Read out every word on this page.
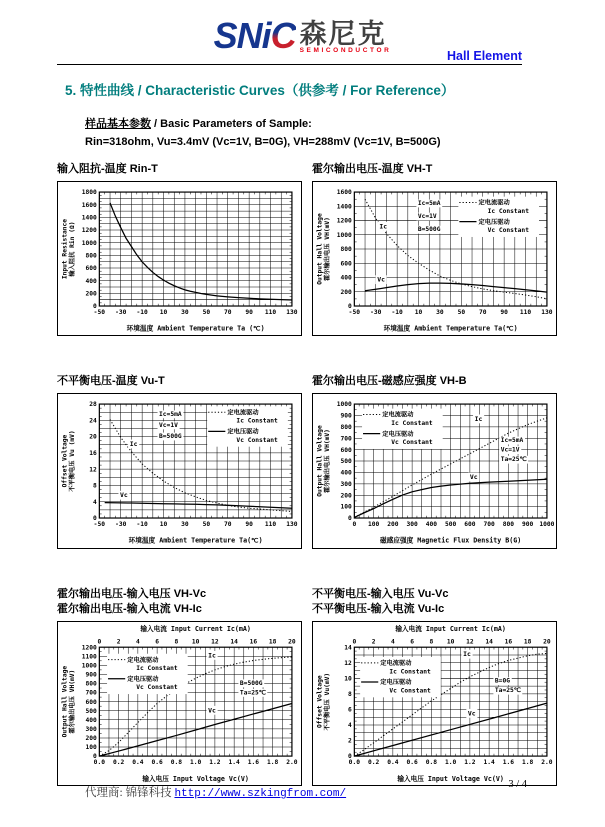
SNiC 森尼克
SEMICONDUCTOR	Hall Element
5. 特性曲线 / Characteristic Curves（供参考 / For Reference）

样品基本参数 / Basic Parameters of Sample:

Rin=318ohm, Vu=3.4mV (Vc=1V, B=0G), VH=288mV (Vc=1V, B=500G)

输入阻抗-温度 Rin-T
-50 -30 -10 10 30 50 70 90 110 130
0
200
400
600
800
1000
1200
1400
1600
1800
环境温度 Ambient Temperature Ta (℃)
Input Resistance输入阻抗 Rin (Ω)
霍尔输出电压-温度 VH-T
-50 -30 -10 10 30 50 70 90 110 130
0
200
400
600
800
1000
1200
1400
1600
环境温度 Ambient Temperature Ta(℃)
Output Hall Voltage霍尔输出电压 VH(mV)
Ic=5mA
Vc=1V
B=500G
定电流驱动
Ic Constant
定电压驱动
Vc Constant
Ic
Vc
不平衡电压-温度 Vu-T
-50 -30 -10 10 30 50 70 90 110 130
0
4
8
12
16
20
24
28
环境温度 Ambient Temperature Ta(℃)
Offset Voltage不平衡电压 Vu (mV)
Ic=5mA
Vc=1V
B=500G
定电流驱动
Ic Constant
定电压驱动
Vc Constant
Ic
Vc
霍尔输出电压-磁感应强度 VH-B
0 100 200 300 400 500 600 700 800 900 1000
0
100
200
300
400
500
600
700
800
900
1000
磁感应强度 Magnetic Flux Density B(G)
Output Hall Voltage霍尔输出电压 VH(mV)	Ic=5mA
Vc=1V
Ta=25℃
定电流驱动
Ic Constant
定电压驱动
Vc Constant
Ic
Vc
霍尔输出电压-输入电压 VH-Vc
霍尔输出电压-输入电流 VH-Ic
0.0 0.2 0.4 0.6 0.8 1.0 1.2 1.4 1.6 1.8 2.0
0
100
200
300
400
500
600
700
800
900
1000
1100
1200
0 2 4 6 8 10 12 14 16 18 20
输入电流 Input Current Ic(mA)
输入电压 Input Voltage Vc(V)
Output Hall Voltage霍尔输出电压 VH(mV)	B=500G
Ta=25℃
定电流驱动
Ic Constant
定电压驱动
Vc Constant
Ic
Vc
不平衡电压-输入电压 Vu-Vc
不平衡电压-输入电流 Vu-Ic
0.0 0.2 0.4 0.6 0.8 1.0 1.2 1.4 1.6 1.8 2.0
0
2
4
6
8
10
12
14
0 2 4 6 8 10 12 14 16 18 20
输入电流 Input Current Ic(mA)
输入电压 Input Voltage Vc(V)
Offset Voltage不平衡电压 Vu(mV)	B=0G
Ta=25℃
定电流驱动
Ic Constant
定电压驱动
Vc Constant
Ic
Vc
代理商: 锦锋科技 http://www.szkingfrom.com/
3 / 4
